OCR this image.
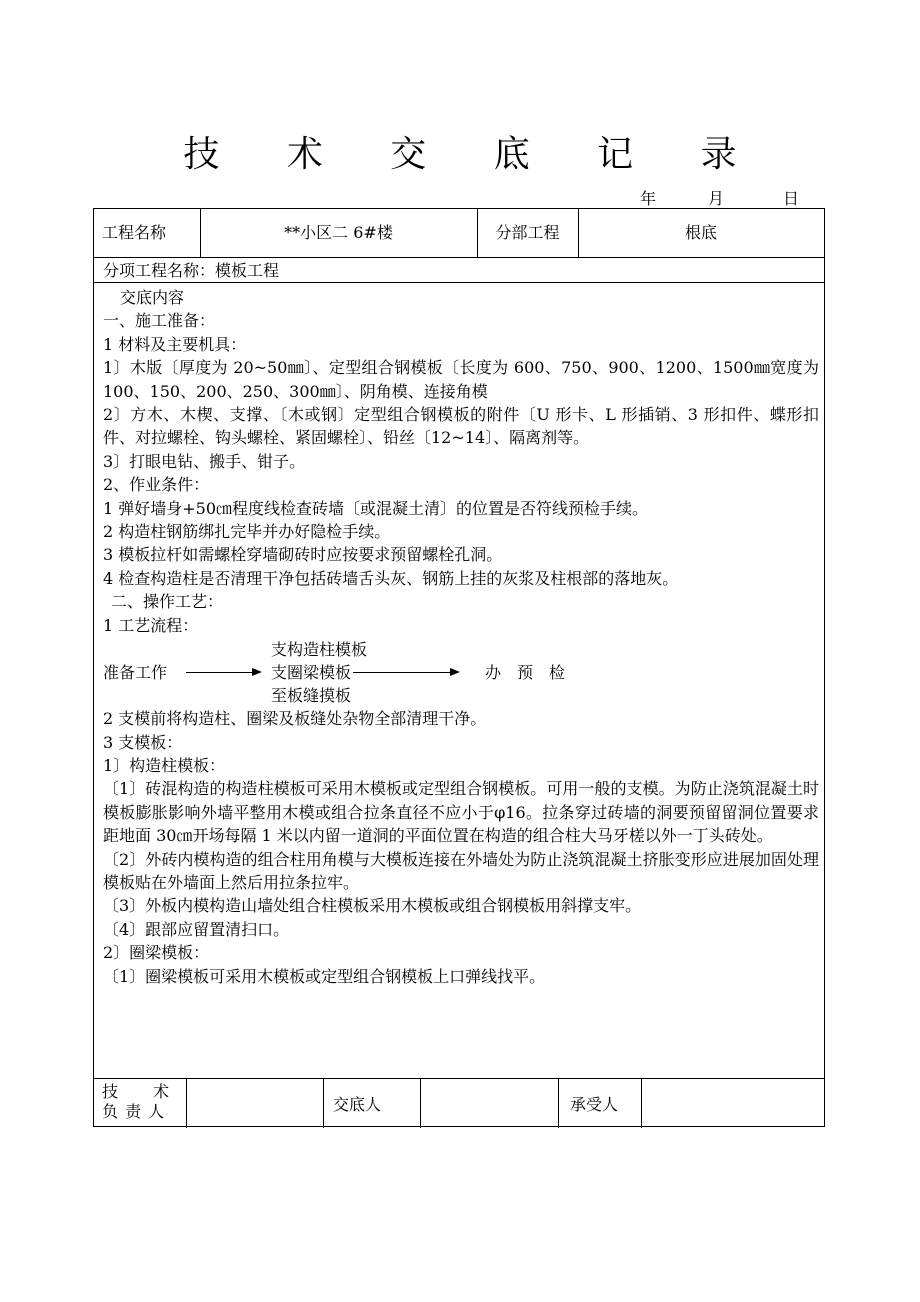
技 术 交 底 记 录
年	月	日
工程名称	**小区二 6#楼	分部工程	根底
分项工程名称：模板工程

交底内容

一、施工准备：

1 材料及主要机具：

1〕木版〔厚度为 20~50㎜〕、定型组合钢模板〔长度为 600、750、900、1200、1500㎜宽度为 100、150、200、250、300㎜〕、阴角模、连接角模

2〕方木、木楔、支撑、〔木或钢〕定型组合钢模板的附件〔U 形卡、L 形插销、3 形扣件、蝶形扣件、对拉螺栓、钩头螺栓、紧固螺栓〕、铅丝〔12~14〕、隔离剂等。

3〕打眼电钻、搬手、钳子。

2、作业条件：

1 弹好墙身+50㎝程度线检查砖墙〔或混凝土清〕的位置是否符线预检手续。

2 构造柱钢筋绑扎完毕并办好隐检手续。

3 模板拉杆如需螺栓穿墙砌砖时应按要求预留螺栓孔洞。

4 检查构造柱是否清理干净包括砖墙舌头灰、钢筋上挂的灰浆及柱根部的落地灰。

二、操作工艺：

1 工艺流程：

准备工作
支构造柱模板
支圈梁模板
至板缝摸板
办　预　检

2 支模前将构造柱、圈梁及板缝处杂物全部清理干净。

3 支模板：

1〕构造柱模板：

〔1〕砖混构造的构造柱模板可采用木模板或定型组合钢模板。可用一般的支模。为防止浇筑混凝土时模板膨胀影响外墙平整用木模或组合拉条直径不应小于φ16。拉条穿过砖墙的洞要预留留洞位置要求距地面 30㎝开场每隔 1 米以内留一道洞的平面位置在构造的组合柱大马牙槎以外一丁头砖处。

〔2〕外砖内模构造的组合柱用角模与大模板连接在外墙处为防止浇筑混凝土挤胀变形应进展加固处理模板贴在外墙面上然后用拉条拉牢。

〔3〕外板内模构造山墙处组合柱模板采用木模板或组合钢模板用斜撑支牢。

〔4〕跟部应留置清扫口。

2〕圈梁模板：

〔1〕圈梁模板可采用木模板或定型组合钢模板上口弹线找平。

技　　术
负 责 人	交底人	承受人
